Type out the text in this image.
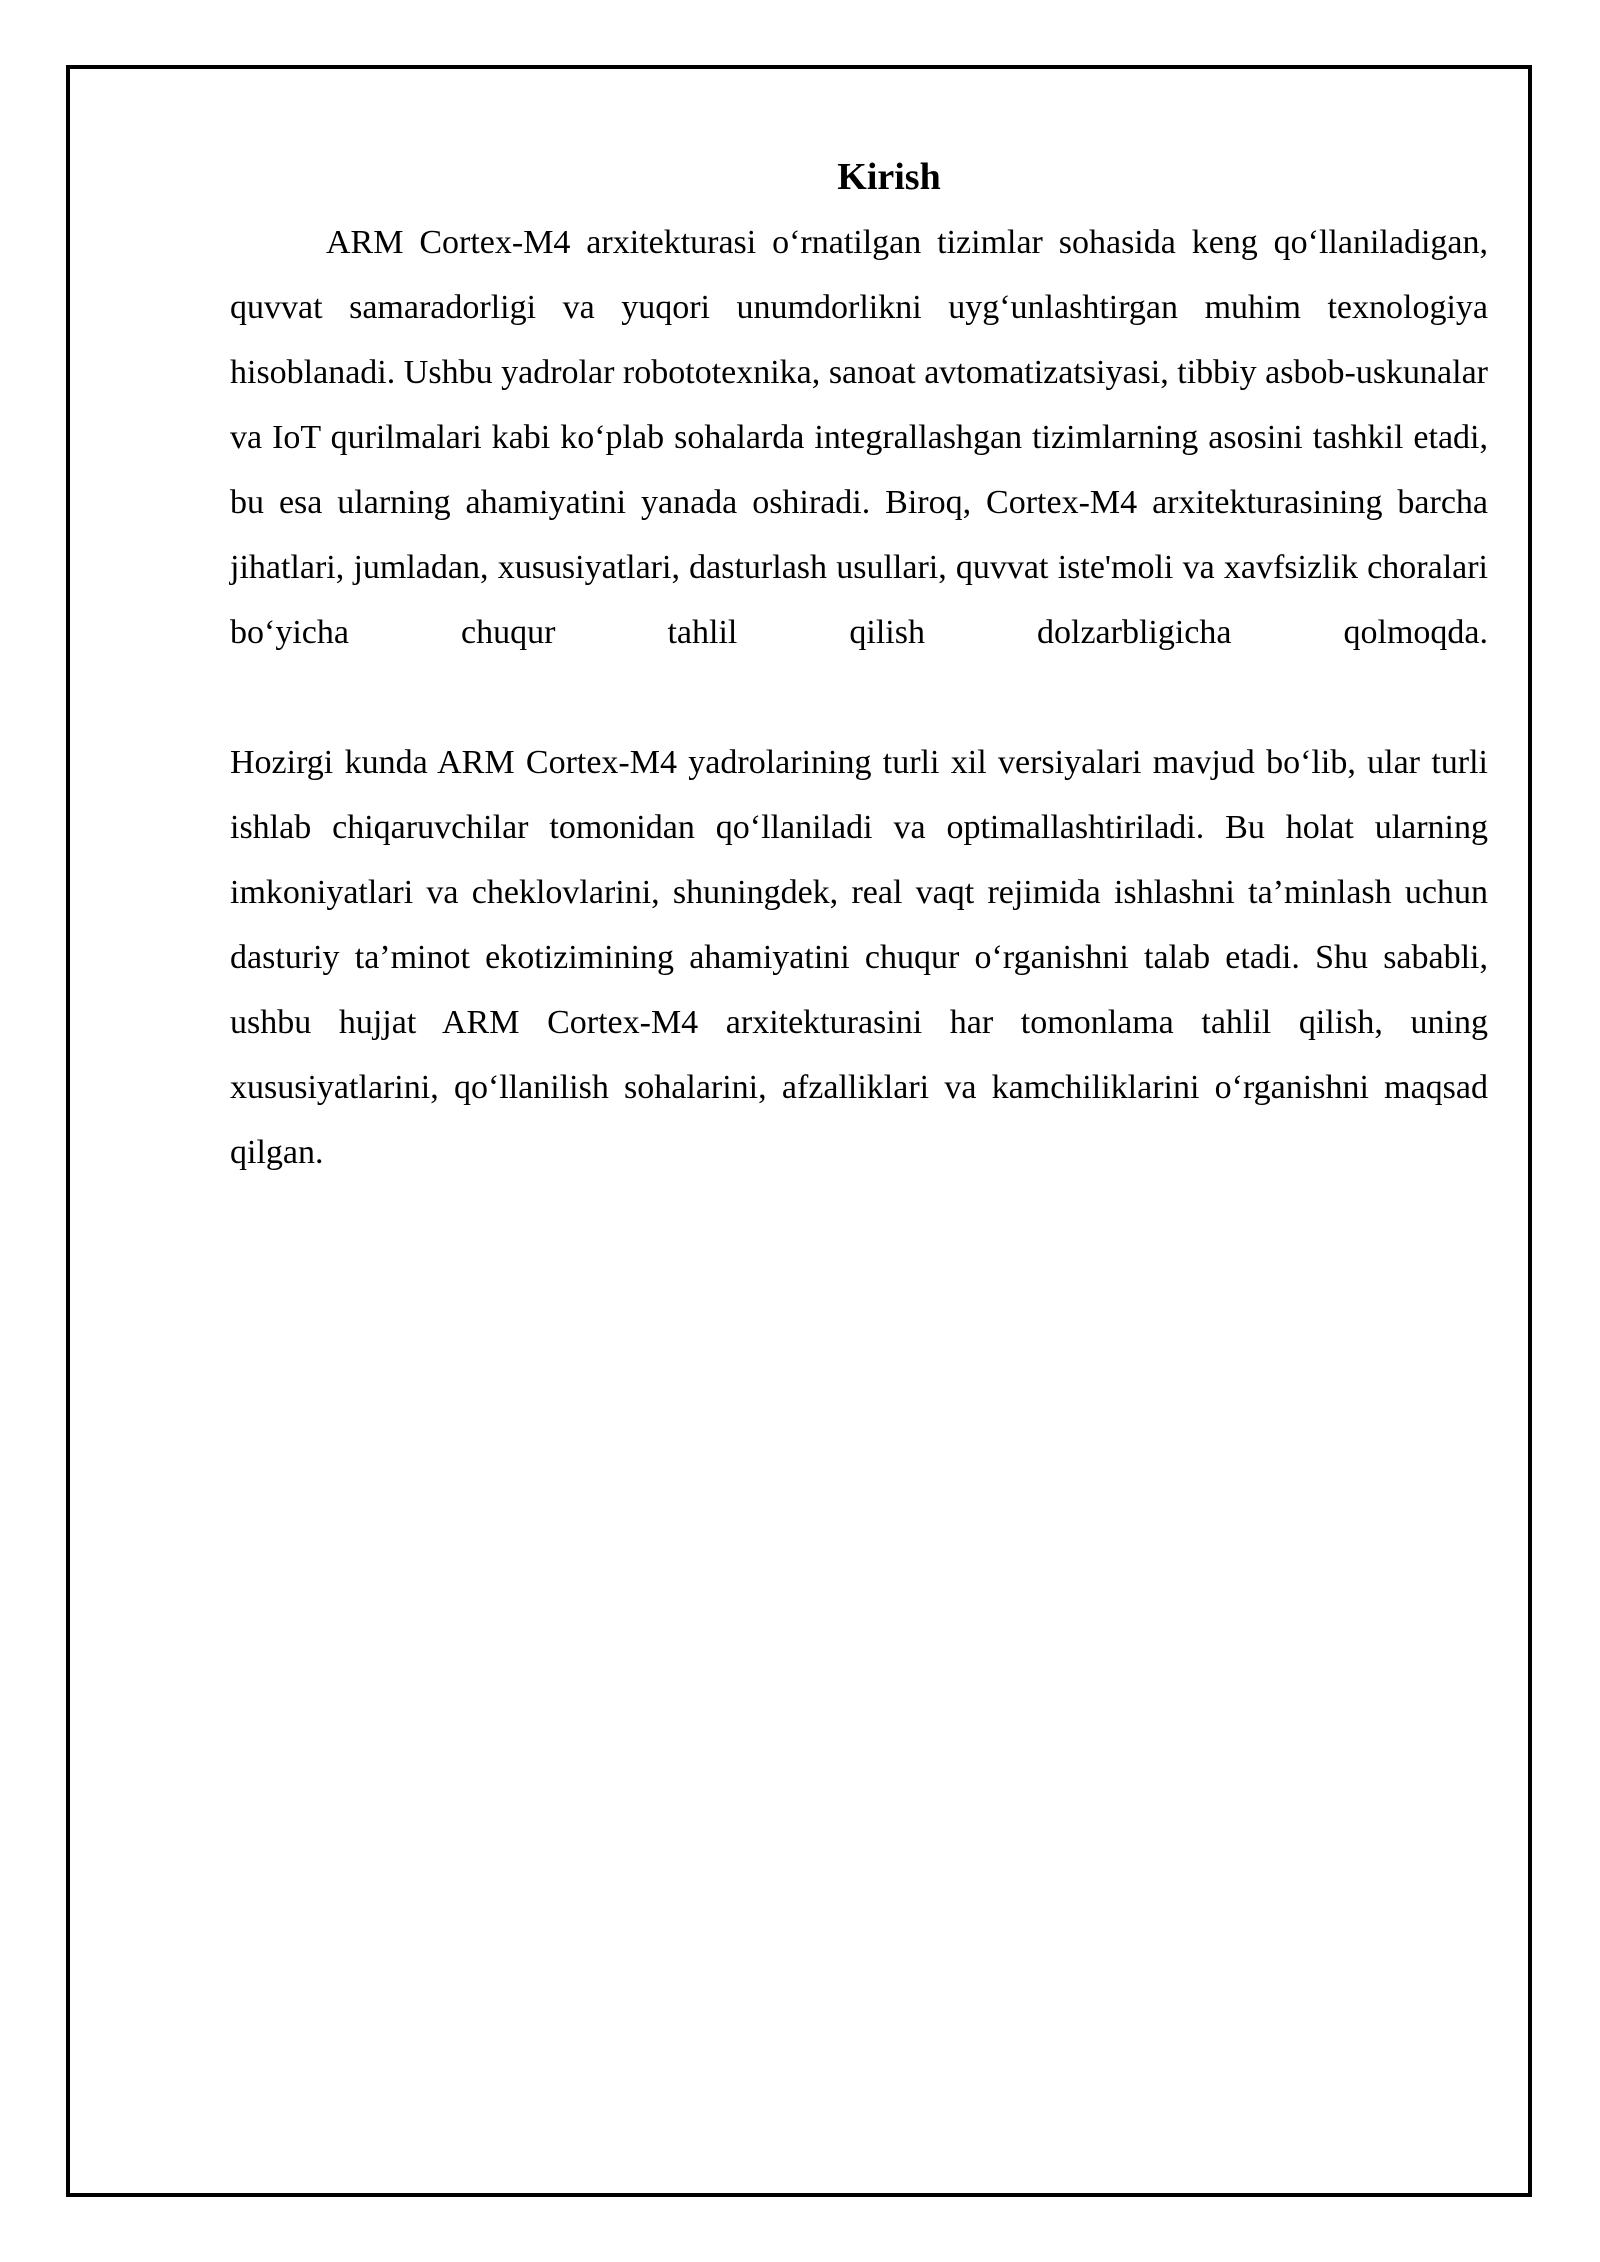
Kirish

ARM Cortex-M4 arxitekturasi o‘rnatilgan tizimlar sohasida keng qo‘llaniladigan, quvvat samaradorligi va yuqori unumdorlikni uyg‘unlashtirgan muhim texnologiya hisoblanadi. Ushbu yadrolar robototexnika, sanoat avtomatizatsiyasi, tibbiy asbob-uskunalar va IoT qurilmalari kabi ko‘plab sohalarda integrallashgan tizimlarning asosini tashkil etadi, bu esa ularning ahamiyatini yanada oshiradi. Biroq, Cortex-M4 arxitekturasining barcha jihatlari, jumladan, xususiyatlari, dasturlash usullari, quvvat iste'moli va xavfsizlik choralari bo‘yicha chuqur tahlil qilish dolzarbligicha qolmoqda.

Hozirgi kunda ARM Cortex-M4 yadrolarining turli xil versiyalari mavjud bo‘lib, ular turli ishlab chiqaruvchilar tomonidan qo‘llaniladi va optimallashtiriladi. Bu holat ularning imkoniyatlari va cheklovlarini, shuningdek, real vaqt rejimida ishlashni ta’minlash uchun dasturiy ta’minot ekotizimining ahamiyatini chuqur o‘rganishni talab etadi. Shu sababli, ushbu hujjat ARM Cortex-M4 arxitekturasini har tomonlama tahlil qilish, uning xususiyatlarini, qo‘llanilish sohalarini, afzalliklari va kamchiliklarini o‘rganishni maqsad qilgan.
